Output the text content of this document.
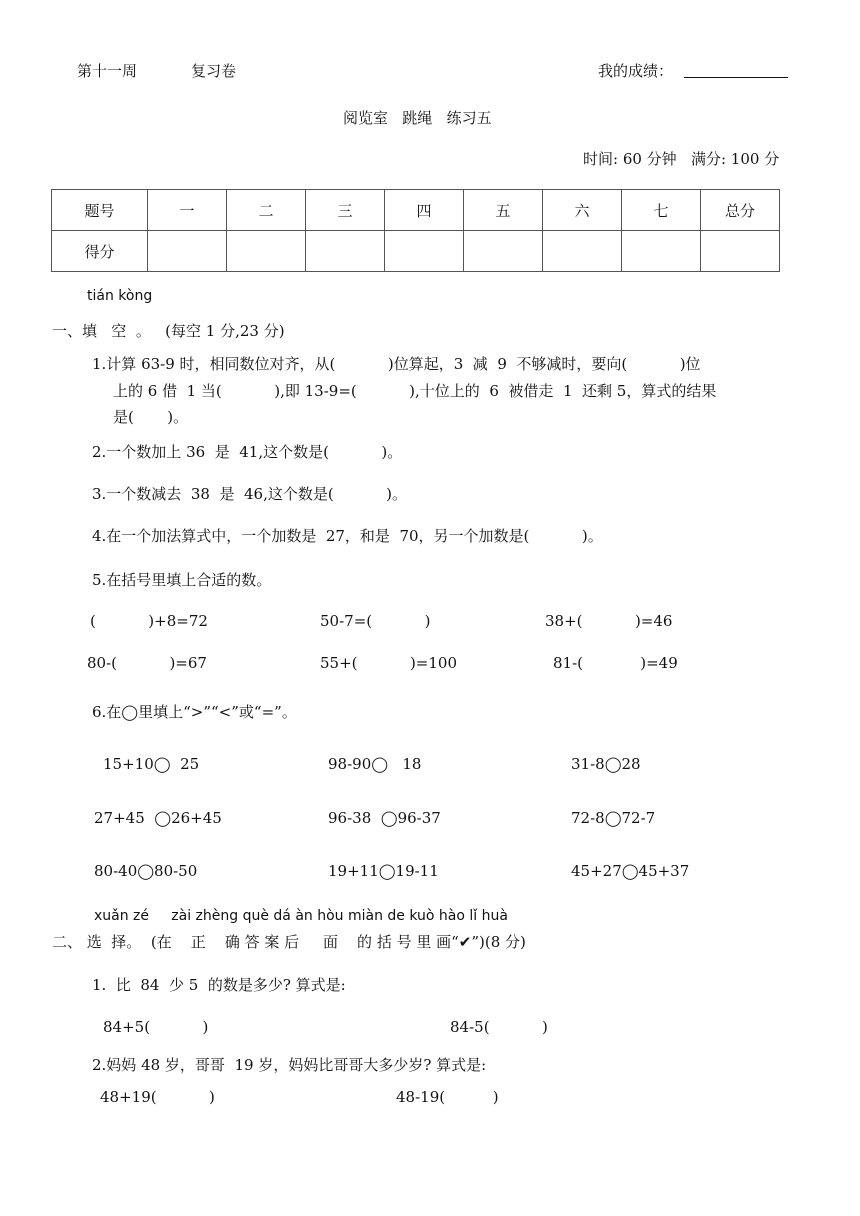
第十一周	复习卷	我的成绩：
阅览室   跳绳   练习五
时间: 60 分钟   满分: 100 分
题号	一	二	三	四	五	六	七	总分
得分								
tián kòng
一、填   空  。   (每空 1 分,23 分)
1.计算 63-9 时，相同数位对齐，从(           )位算起，3  减  9  不够减时，要向(           )位
上的 6 借  1 当(           ),即 13-9=(           ),十位上的  6  被借走  1  还剩 5，算式的结果
是(       )。
2.一个数加上 36  是  41,这个数是(           )。
3.一个数减去  38  是  46,这个数是(           )。
4.在一个加法算式中，一个加数是  27，和是  70，另一个加数是(           )。
5.在括号里填上合适的数。
(           )+8=72	50-7=(           )	38+(           )=46
80-(           )=67	55+(           )=100	81-(            )=49
6.在◯里填上“>”“<”或“=”。
15+10◯  25	98-90◯   18	31-8◯28
27+45  ◯26+45	96-38  ◯96-37	72-8◯72-7
80-40◯80-50	19+11◯19-11	45+27◯45+37
xuǎn zé     zài zhèng què dá àn hòu miàn de kuò hào lǐ huà
二、 选  择。  (在    正    确 答 案 后     面    的 括 号 里 画“✔”)(8 分)
1.  比  84  少 5  的数是多少? 算式是:
84+5(           )	84-5(           )
2.妈妈 48 岁，哥哥  19 岁，妈妈比哥哥大多少岁? 算式是:
48+19(           )	48-19(          )
